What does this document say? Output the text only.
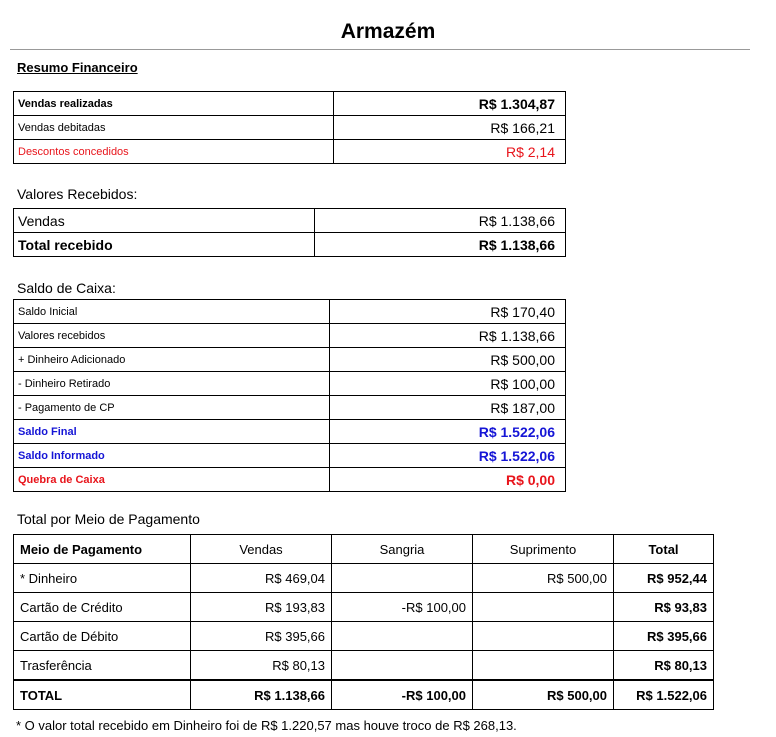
Armazém
Resumo Financeiro
Vendas realizadas	R$ 1.304,87
Vendas debitadas	R$ 166,21
Descontos concedidos	R$ 2,14
Valores Recebidos:
Vendas	R$ 1.138,66
Total recebido	R$ 1.138,66
Saldo de Caixa:
Saldo Inicial	R$ 170,40
Valores recebidos	R$ 1.138,66
+ Dinheiro Adicionado	R$ 500,00
- Dinheiro Retirado	R$ 100,00
- Pagamento de CP	R$ 187,00
Saldo Final	R$ 1.522,06
Saldo Informado	R$ 1.522,06
Quebra de Caixa	R$ 0,00
Total por Meio de Pagamento
Meio de Pagamento	Vendas	Sangria	Suprimento	Total
* Dinheiro	R$ 469,04		R$ 500,00	R$ 952,44
Cartão de Crédito	R$ 193,83	-R$ 100,00		R$ 93,83
Cartão de Débito	R$ 395,66			R$ 395,66
Trasferência	R$ 80,13			R$ 80,13
TOTAL	R$ 1.138,66	-R$ 100,00	R$ 500,00	R$ 1.522,06
* O valor total recebido em Dinheiro foi de R$ 1.220,57 mas houve troco de R$ 268,13.
